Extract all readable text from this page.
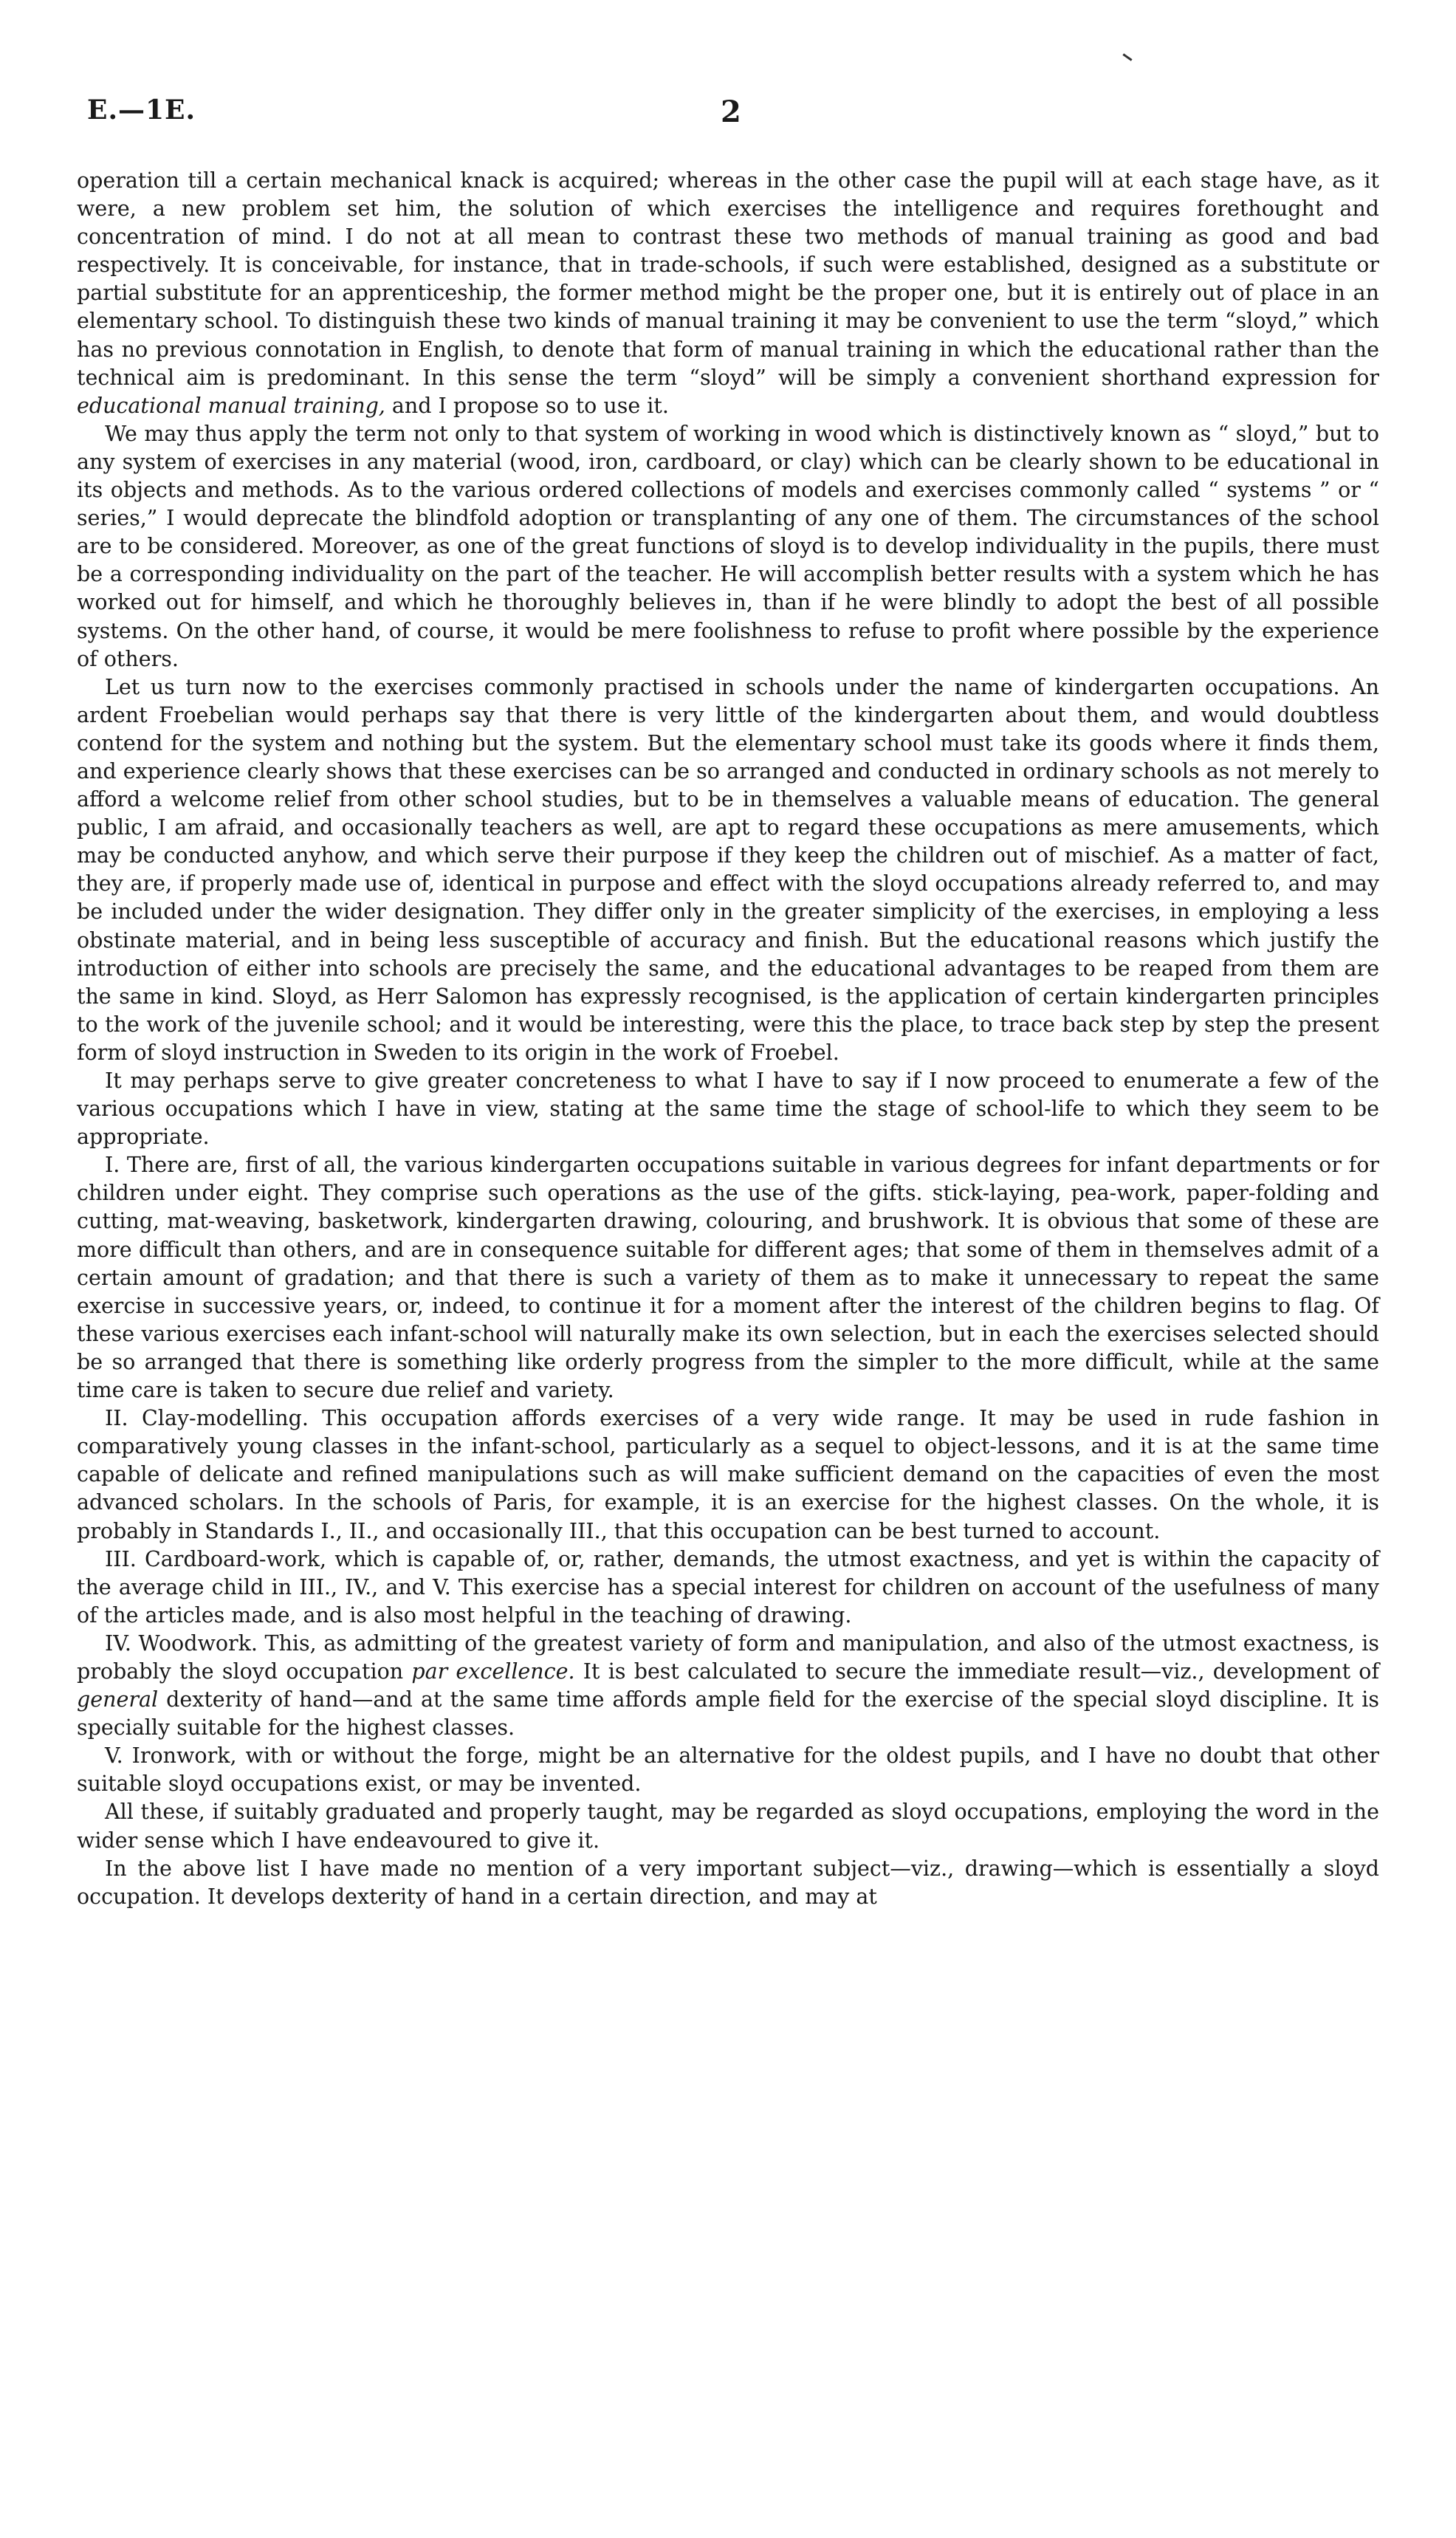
E.—1E.	2

operation till a certain mechanical knack is acquired; whereas in the other case the pupil will at each stage have, as it were, a new problem set him, the solution of which exercises the intelligence and requires forethought and concentration of mind. I do not at all mean to contrast these two methods of manual training as good and bad respectively. It is conceivable, for instance, that in trade-schools, if such were established, designed as a substitute or partial substitute for an apprenticeship, the former method might be the proper one, but it is entirely out of place in an elementary school. To distinguish these two kinds of manual training it may be convenient to use the term “sloyd,” which has no previous connotation in English, to denote that form of manual training in which the educational rather than the technical aim is predominant. In this sense the term “sloyd” will be simply a convenient shorthand expression for educational manual training, and I propose so to use it.

We may thus apply the term not only to that system of working in wood which is distinctively known as “ sloyd,” but to any system of exercises in any material (wood, iron, cardboard, or clay) which can be clearly shown to be educational in its objects and methods. As to the various ordered collections of models and exercises commonly called “ systems ” or “ series,” I would deprecate the blindfold adoption or transplanting of any one of them. The circumstances of the school are to be considered. Moreover, as one of the great functions of sloyd is to develop individuality in the pupils, there must be a corresponding individuality on the part of the teacher. He will accomplish better results with a system which he has worked out for himself, and which he thoroughly believes in, than if he were blindly to adopt the best of all possible systems. On the other hand, of course, it would be mere foolishness to refuse to profit where possible by the experience of others.

Let us turn now to the exercises commonly practised in schools under the name of kindergarten occupations. An ardent Froebelian would perhaps say that there is very little of the kindergarten about them, and would doubtless contend for the system and nothing but the system. But the elementary school must take its goods where it finds them, and experience clearly shows that these exercises can be so arranged and conducted in ordinary schools as not merely to afford a welcome relief from other school studies, but to be in themselves a valuable means of education. The general public, I am afraid, and occasionally teachers as well, are apt to regard these occupations as mere amusements, which may be conducted anyhow, and which serve their purpose if they keep the children out of mischief. As a matter of fact, they are, if properly made use of, identical in purpose and effect with the sloyd occupations already referred to, and may be included under the wider designation. They differ only in the greater simplicity of the exercises, in employing a less obstinate material, and in being less susceptible of accuracy and finish. But the educational reasons which justify the introduction of either into schools are precisely the same, and the educational advantages to be reaped from them are the same in kind. Sloyd, as Herr Salomon has expressly recognised, is the application of certain kindergarten principles to the work of the juvenile school; and it would be interesting, were this the place, to trace back step by step the present form of sloyd instruction in Sweden to its origin in the work of Froebel.

It may perhaps serve to give greater concreteness to what I have to say if I now proceed to enumerate a few of the various occupations which I have in view, stating at the same time the stage of school-life to which they seem to be appropriate.

I. There are, first of all, the various kindergarten occupations suitable in various degrees for infant departments or for children under eight. They comprise such operations as the use of the gifts. stick-laying, pea-work, paper-folding and cutting, mat-weaving, basketwork, kindergarten drawing, colouring, and brushwork. It is obvious that some of these are more difficult than others, and are in consequence suitable for different ages; that some of them in themselves admit of a certain amount of gradation; and that there is such a variety of them as to make it unnecessary to repeat the same exercise in successive years, or, indeed, to continue it for a moment after the interest of the children begins to flag. Of these various exercises each infant-school will naturally make its own selection, but in each the exercises selected should be so arranged that there is something like orderly progress from the simpler to the more difficult, while at the same time care is taken to secure due relief and variety.

II. Clay-modelling. This occupation affords exercises of a very wide range. It may be used in rude fashion in comparatively young classes in the infant-school, particularly as a sequel to object-lessons, and it is at the same time capable of delicate and refined manipulations such as will make sufficient demand on the capacities of even the most advanced scholars. In the schools of Paris, for example, it is an exercise for the highest classes. On the whole, it is probably in Standards I., II., and occasionally III., that this occupation can be best turned to account.

III. Cardboard-work, which is capable of, or, rather, demands, the utmost exactness, and yet is within the capacity of the average child in III., IV., and V. This exercise has a special interest for children on account of the usefulness of many of the articles made, and is also most helpful in the teaching of drawing.

IV. Woodwork. This, as admitting of the greatest variety of form and manipulation, and also of the utmost exactness, is probably the sloyd occupation par excellence. It is best calculated to secure the immediate result—viz., development of general dexterity of hand—and at the same time affords ample field for the exercise of the special sloyd discipline. It is specially suitable for the highest classes.

V. Ironwork, with or without the forge, might be an alternative for the oldest pupils, and I have no doubt that other suitable sloyd occupations exist, or may be invented.

All these, if suitably graduated and properly taught, may be regarded as sloyd occupations, employing the word in the wider sense which I have endeavoured to give it.

In the above list I have made no mention of a very important subject—viz., drawing—which is essentially a sloyd occupation. It develops dexterity of hand in a certain direction, and may at
